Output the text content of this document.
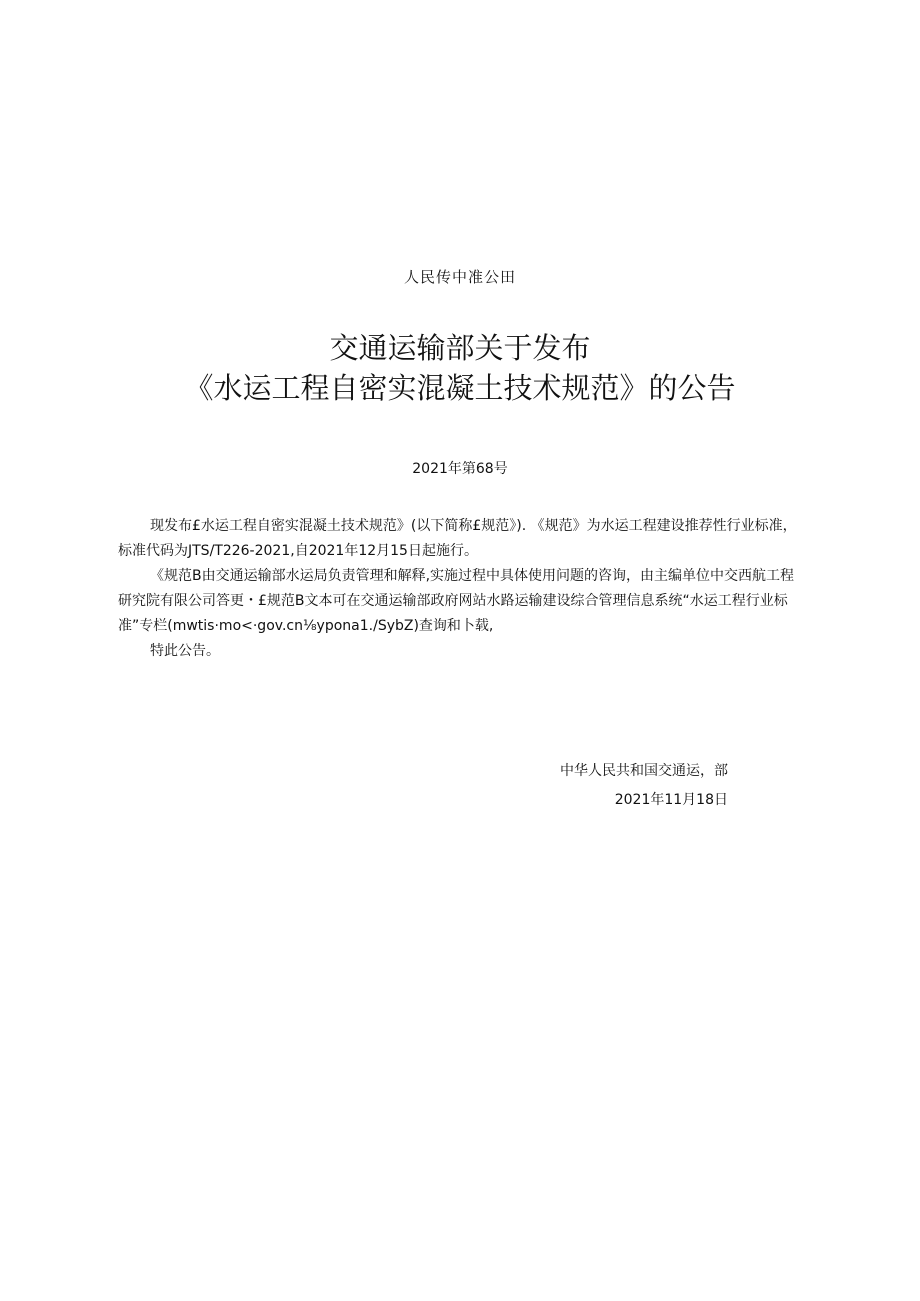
人民传中准公田
交通运输部关于发布
《水运工程自密实混凝土技术规范》的公告
2021年第68号

现发布£水运工程自密实混凝土技术规范》(以下简称£规范》). 《规范》为水运工程建设推荐性行业标准，标准代码为JTS/T226-2021,自2021年12月15日起施行。

《规范B由交通运输部水运局负责管理和解释,实施过程中具体使用问题的咨询，由主编单位中交西航工程研究院有限公司答更・£规范B文本可在交通运输部政府网站水路运输建设综合管理信息系统“水运工程行业标准”专栏(mwtis·mo<·gov.cn⅛ypona1./SybZ)查询和卜载,

特此公告。

中华人民共和国交通运，部
2021年11月18日
